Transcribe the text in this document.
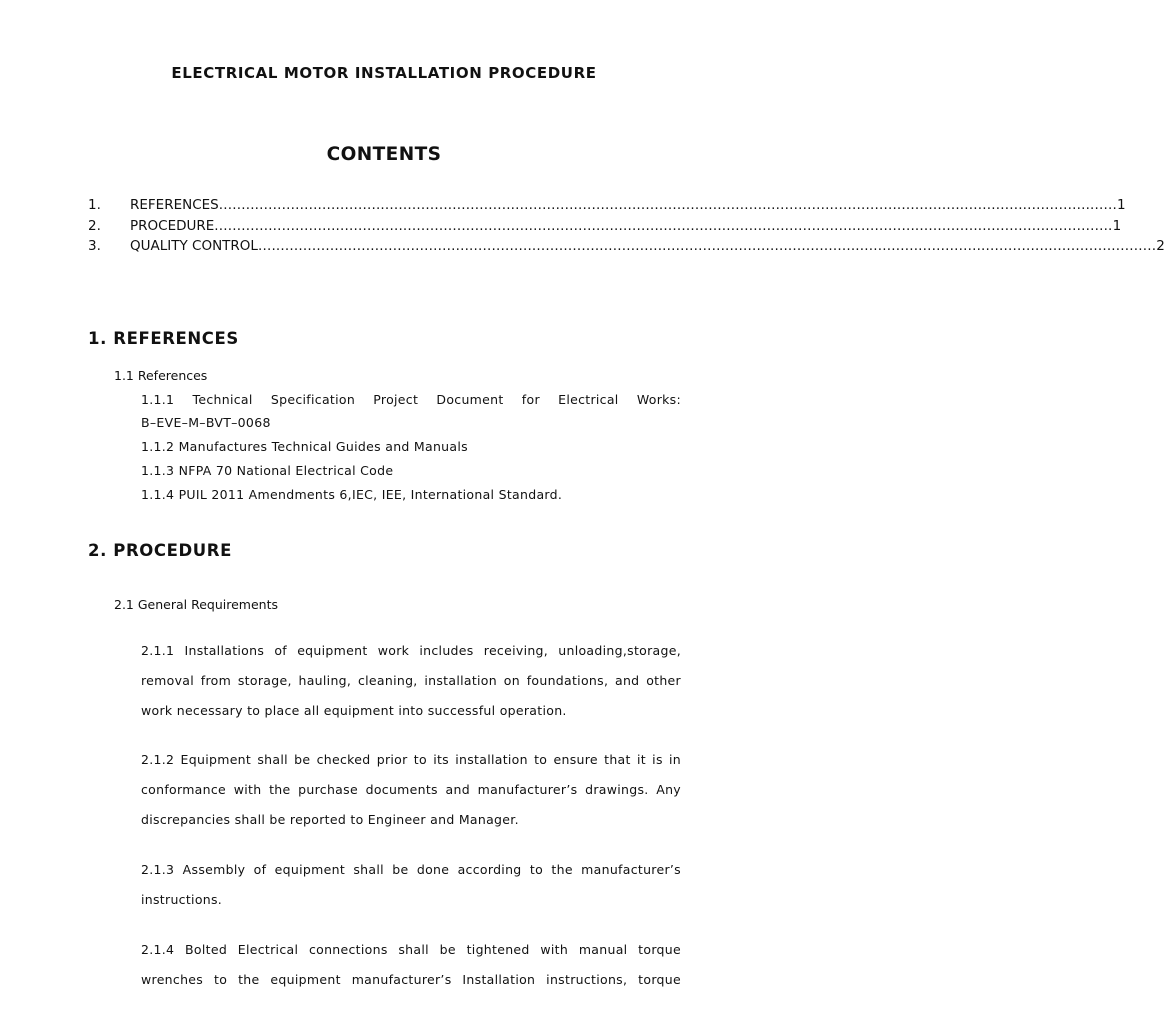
ELECTRICAL MOTOR INSTALLATION PROCEDURE
CONTENTS
1.	REFERENCES ........................................................................................................................................................................................................ 1
2.	PROCEDURE ........................................................................................................................................................................................................ 1
3.	QUALITY CONTROL ........................................................................................................................................................................................................ 2
1. REFERENCES
1.1 References
1.1.1 Technical Specification Project Document for Electrical Works:
B–EVE–M–BVT–0068
1.1.2 Manufactures Technical Guides and Manuals
1.1.3 NFPA 70 National Electrical Code
1.1.4 PUIL 2011 Amendments 6,IEC, IEE, International Standard.
2. PROCEDURE
2.1 General Requirements
2.1.1 Installations of equipment work includes receiving, unloading,storage,
removal from storage, hauling, cleaning, installation on foundations, and other
work necessary to place all equipment into successful operation.
2.1.2 Equipment shall be checked prior to its installation to ensure that it is in
conformance with the purchase documents and manufacturer’s drawings. Any
discrepancies shall be reported to Engineer and Manager.
2.1.3 Assembly of equipment shall be done according to the manufacturer’s
instructions.
2.1.4 Bolted Electrical connections shall be tightened with manual torque
wrenches to the equipment manufacturer’s Installation instructions, torque
